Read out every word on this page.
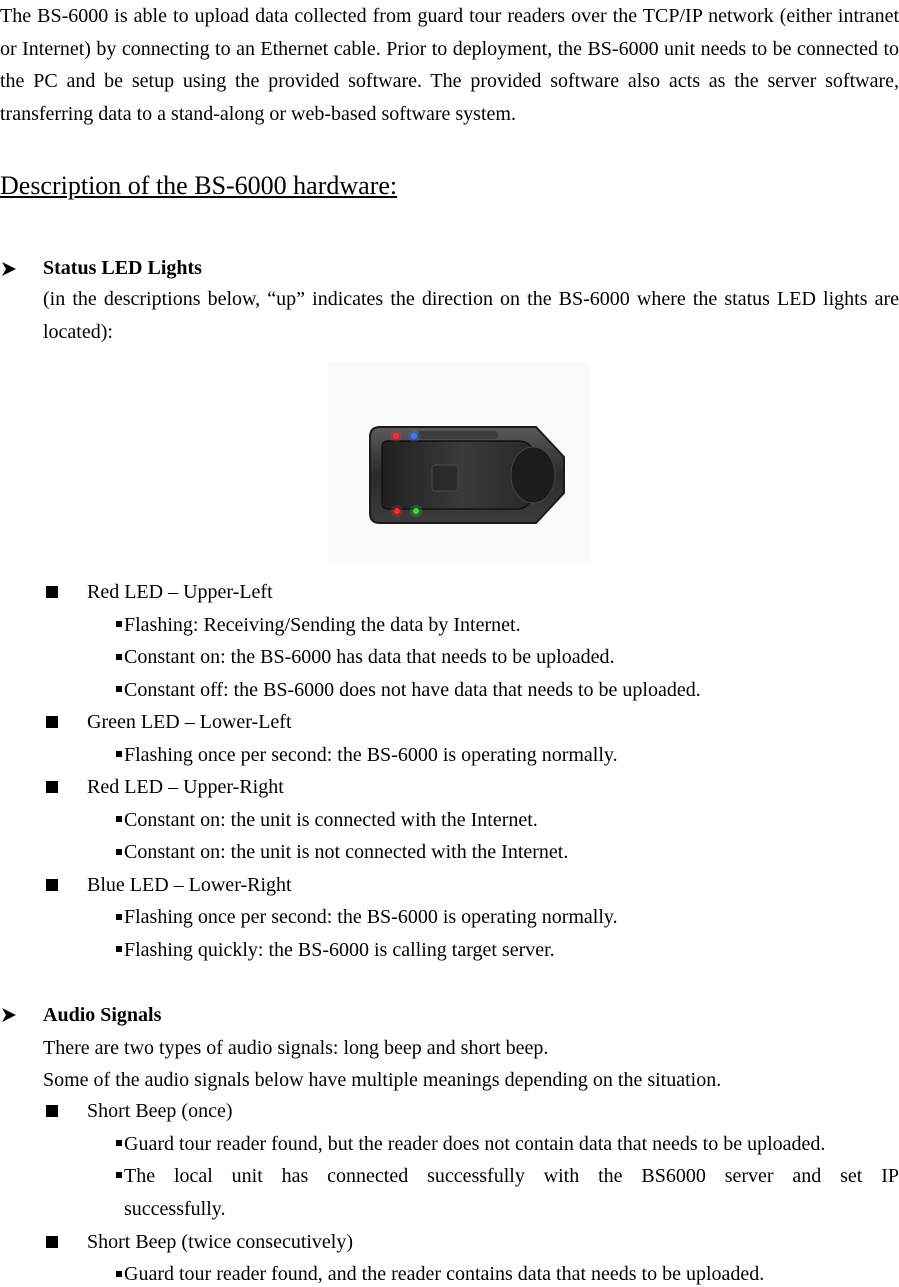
The BS-6000 is able to upload data collected from guard tour readers over the TCP/IP network (either intranet or Internet) by connecting to an Ethernet cable. Prior to deployment, the BS-6000 unit needs to be connected to the PC and be setup using the provided software. The provided software also acts as the server software, transferring data to a stand-along or web-based software system.

Description of the BS-6000 hardware:

Status LED Lights

(in the descriptions below, “up” indicates the direction on the BS-6000 where the status LED lights are located):

Red LED – Upper-Left

Flashing: Receiving/Sending the data by Internet.

Constant on: the BS-6000 has data that needs to be uploaded.

Constant off: the BS-6000 does not have data that needs to be uploaded.

Green LED – Lower-Left

Flashing once per second: the BS-6000 is operating normally.

Red LED – Upper-Right

Constant on: the unit is connected with the Internet.

Constant on: the unit is not connected with the Internet.

Blue LED – Lower-Right

Flashing once per second: the BS-6000 is operating normally.

Flashing quickly: the BS-6000 is calling target server.

Audio Signals

There are two types of audio signals: long beep and short beep.

Some of the audio signals below have multiple meanings depending on the situation.

Short Beep (once)

Guard tour reader found, but the reader does not contain data that needs to be uploaded.

The local unit has connected successfully with the BS6000 server and set IP

successfully.

Short Beep (twice consecutively)

Guard tour reader found, and the reader contains data that needs to be uploaded.
